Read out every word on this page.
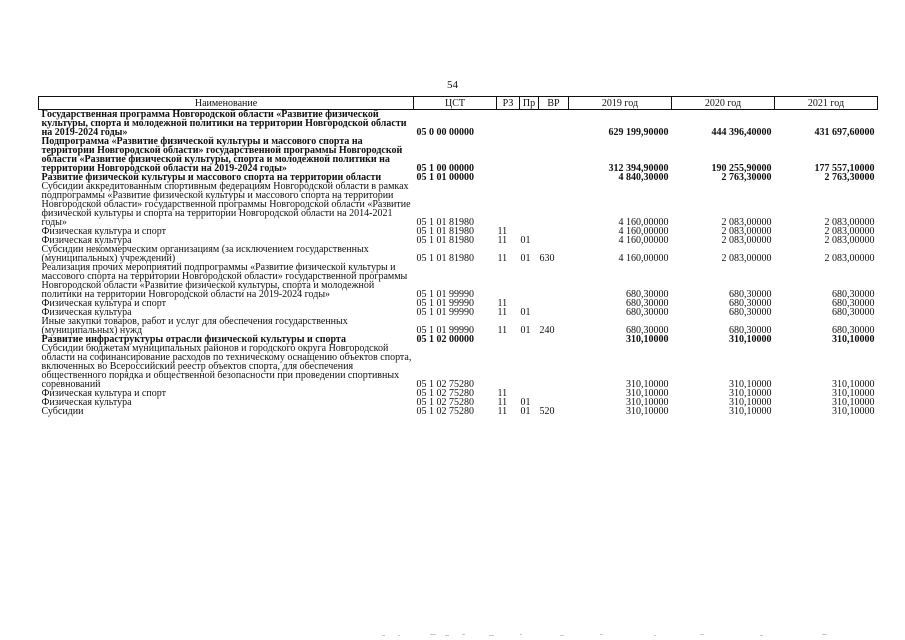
54
Наименование	ЦСТ	РЗ	Пр	ВР	2019 год	2020 год	2021 год
Государственная программа Новгородской области «Развитие физической культуры, спорта и молодежной политики на территории Новгородской области на 2019-2024 годы»	05 0 00 00000				629 199,90000	444 396,40000	431 697,60000
Подпрограмма «Развитие физической культуры и массового спорта на территории Новгородской области» государственной программы Новгородской области «Развитие физической культуры, спорта и молодежной политики на территории Новгородской области на 2019-2024 годы»	05 1 00 00000				312 394,90000	190 255,90000	177 557,10000
Развитие физической культуры и массового спорта на территории области	05 1 01 00000				4 840,30000	2 763,30000	2 763,30000
Субсидии аккредитованным спортивным федерациям Новгородской области в рамках подпрограммы «Развитие физической культуры и массового спорта на территории Новгородской области» государственной программы Новгородской области «Развитие физической культуры и спорта на территории Новгородской области на 2014-2021 годы»	05 1 01 81980				4 160,00000	2 083,00000	2 083,00000
Физическая культура и спорт	05 1 01 81980	11			4 160,00000	2 083,00000	2 083,00000
Физическая культура	05 1 01 81980	11	01		4 160,00000	2 083,00000	2 083,00000
Субсидии некоммерческим организациям (за исключением государственных (муниципальных) учреждений)	05 1 01 81980	11	01	630	4 160,00000	2 083,00000	2 083,00000
Реализация прочих мероприятий подпрограммы «Развитие физической культуры и массового спорта на территории Новгородской области» государственной программы Новгородской области «Развитие физической культуры, спорта и молодежной политики на территории Новгородской области на 2019-2024 годы»	05 1 01 99990				680,30000	680,30000	680,30000
Физическая культура и спорт	05 1 01 99990	11			680,30000	680,30000	680,30000
Физическая культура	05 1 01 99990	11	01		680,30000	680,30000	680,30000
Иные закупки товаров, работ и услуг для обеспечения государственных (муниципальных) нужд	05 1 01 99990	11	01	240	680,30000	680,30000	680,30000
Развитие инфраструктуры отрасли физической культуры и спорта	05 1 02 00000				310,10000	310,10000	310,10000
Субсидии бюджетам муниципальных районов и городского округа Новгородской области на софинансирование расходов по техническому оснащению объектов спорта, включенных во Всероссийский реестр объектов спорта, для обеспечения общественного порядка и общественной безопасности при проведении спортивных соревнований	05 1 02 75280				310,10000	310,10000	310,10000
Физическая культура и спорт	05 1 02 75280	11			310,10000	310,10000	310,10000
Физическая культура	05 1 02 75280	11	01		310,10000	310,10000	310,10000
Субсидии	05 1 02 75280	11	01	520	310,10000	310,10000	310,10000
